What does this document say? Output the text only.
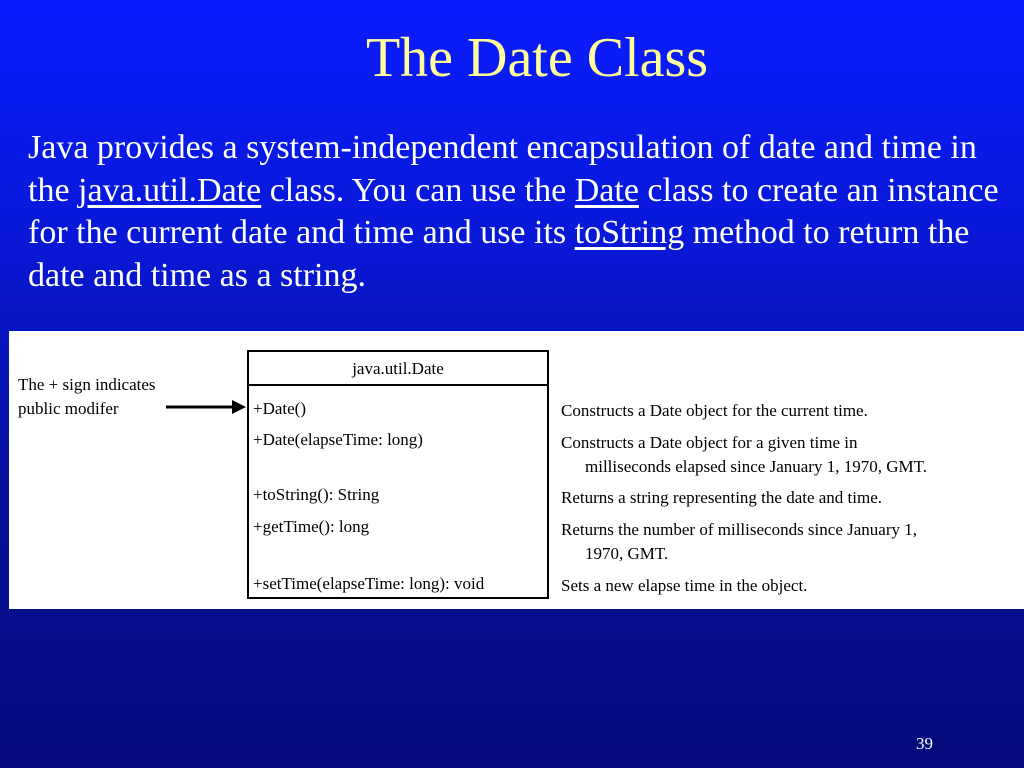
The Date Class
Java provides a system-independent encapsulation of date and time in the java.util.Date class. You can use the Date class to create an instance for the current date and time and use its toString method to return the date and time as a string.
The + sign indicates
public modifer
java.util.Date
+Date()
+Date(elapseTime: long)
+toString(): String
+getTime(): long
+setTime(elapseTime: long): void
Constructs a Date object for the current time.
Constructs a Date object for a given time in
milliseconds elapsed since January 1, 1970, GMT.
Returns a string representing the date and time.
Returns the number of milliseconds since January 1,
1970, GMT.
Sets a new elapse time in the object.
39
